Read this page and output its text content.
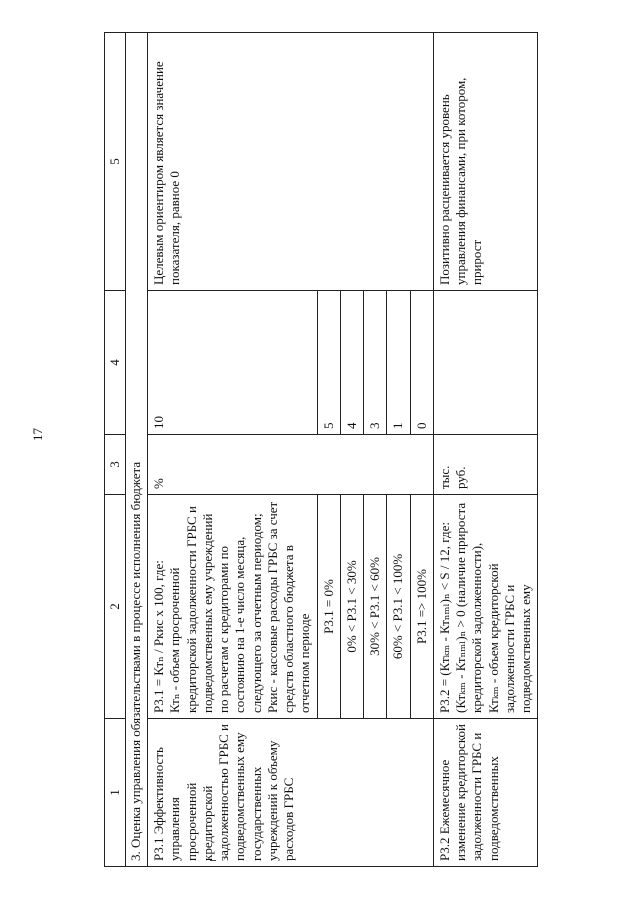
17
1	2	3	4	5
3. Оценка управления обязательствами в процессе исполнения бюджета				
Р3.1 Эффективность управления просроченной кредиторской задолженностью ГРБС и подведомственных ему государственных учреждений к объему расходов ГРБС	Р3.1 = Ктₙ / Ркис х 100, где: Ктₙ - объем просроченной кредиторской задолженности ГРБС и подведомственных ему учреждений по расчетам с кредиторами по состоянию на 1-е число месяца, следующего за отчетным периодом; Ркис - кассовые расходы ГРБС за счет средств областного бюджета в отчетном периоде	%	10	Целевым ориентиром является значение показателя, равное 0
	Р3.1 = 0%		5	
	0% < Р3.1 < 30%		4	
	30% < Р3.1 < 60%		3	
	60% < Р3.1 < 100%		1	
	Р3.1 => 100%		0	
Р3.2 Ежемесячное изменение кредиторской задолженности ГРБС и подведомственных	Р3.2 = (Ктₖₘ - Ктₙₘₗ)ₙ < S / 12, где: (Ктₖₘ - Ктₙₘₗ)ₙ > 0 (наличие прироста кредиторской задолженности), Ктₖₘ - объем кредиторской задолженности ГРБС и подведомственных ему	тыс. руб.		Позитивно расценивается уровень управления финансами, при котором, прирост
